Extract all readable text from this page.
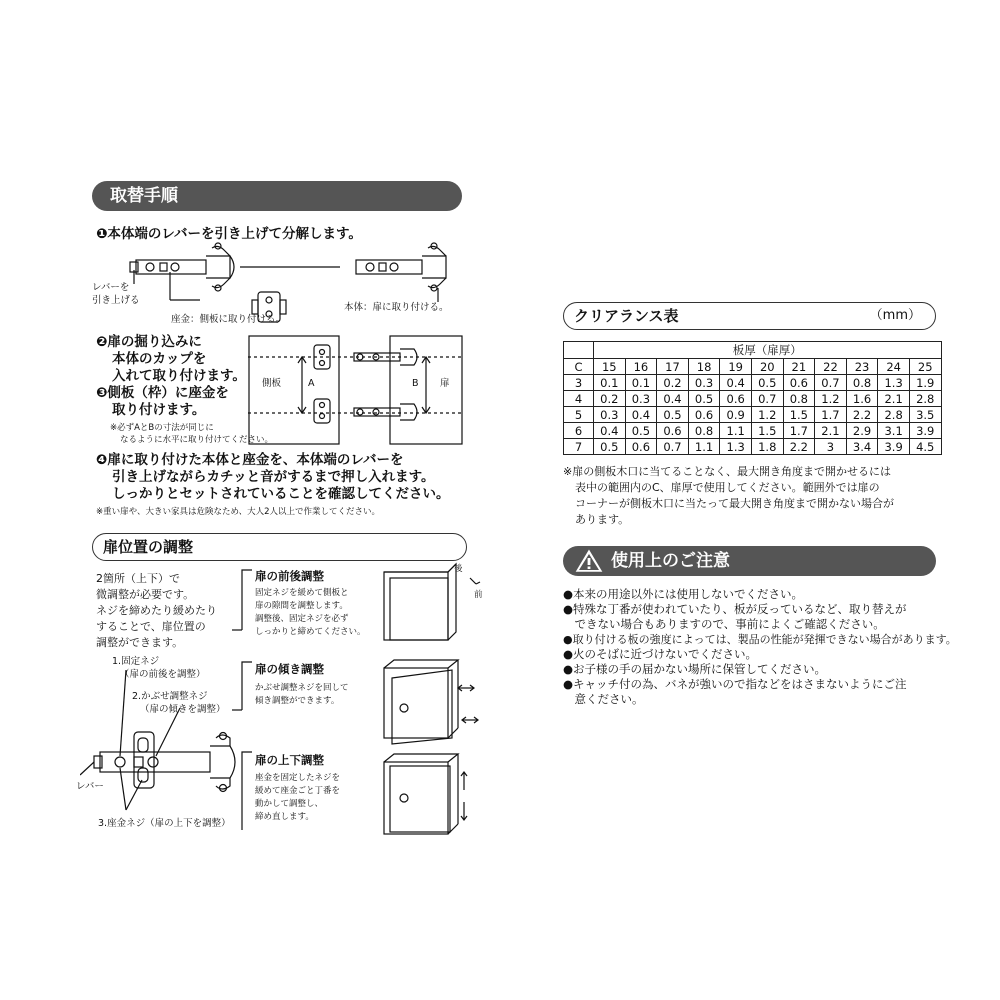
取替手順
❶本体端のレバーを引き上げて分解します。
レバーを
引き上げる
座金：側板に取り付ける。
本体：扉に取り付ける。
❷扉の掘り込みに
本体のカップを
入れて取り付けます。
❸側板（枠）に座金を
取り付けます。
※必ずAとBの寸法が同じに
なるように水平に取り付けてください。
側板	A	B 扉
❹扉に取り付けた本体と座金を、本体端のレバーを
引き上げながらカチッと音がするまで押し入れます。
しっかりとセットされていることを確認してください。
※重い扉や、大きい家具は危険なため、大人2人以上で作業してください。
扉位置の調整
2箇所（上下）で
微調整が必要です。
ネジを締めたり緩めたり
することで、扉位置の
調整ができます。
1.固定ネジ
（扉の前後を調整）
2.かぶせ調整ネジ
（扉の傾きを調整）
レバー
3.座金ネジ（扉の上下を調整）
扉の前後調整
固定ネジを緩めて側板と
扉の隙間を調整します。
調整後、固定ネジを必ず
しっかりと締めてください。
扉の傾き調整
かぶせ調整ネジを回して
傾き調整ができます。
扉の上下調整
座金を固定したネジを
緩めて座金ごと丁番を
動かして調整し、
締め直します。
後
前
クリアランス表	（mm）
	板厚（扉厚）										
C	15	16	17	18	19	20	21	22	23	24	25
3	0.1	0.1	0.2	0.3	0.4	0.5	0.6	0.7	0.8	1.3	1.9
4	0.2	0.3	0.4	0.5	0.6	0.7	0.8	1.2	1.6	2.1	2.8
5	0.3	0.4	0.5	0.6	0.9	1.2	1.5	1.7	2.2	2.8	3.5
6	0.4	0.5	0.6	0.8	1.1	1.5	1.7	2.1	2.9	3.1	3.9
7	0.5	0.6	0.7	1.1	1.3	1.8	2.2	3	3.4	3.9	4.5
※扉の側板木口に当てることなく、最大開き角度まで開かせるには
表中の範囲内のC、扉厚で使用してください。範囲外では扉の
コーナーが側板木口に当たって最大開き角度まで開かない場合が
あります。
使用上のご注意
●本来の用途以外には使用しないでください。
●特殊な丁番が使われていたり、板が反っているなど、取り替えが
　できない場合もありますので、事前によくご確認ください。
●取り付ける板の強度によっては、製品の性能が発揮できない場合があります。
●火のそばに近づけないでください。
●お子様の手の届かない場所に保管してください。
●キャッチ付の為、バネが強いので指などをはさまないようにご注
　意ください。
